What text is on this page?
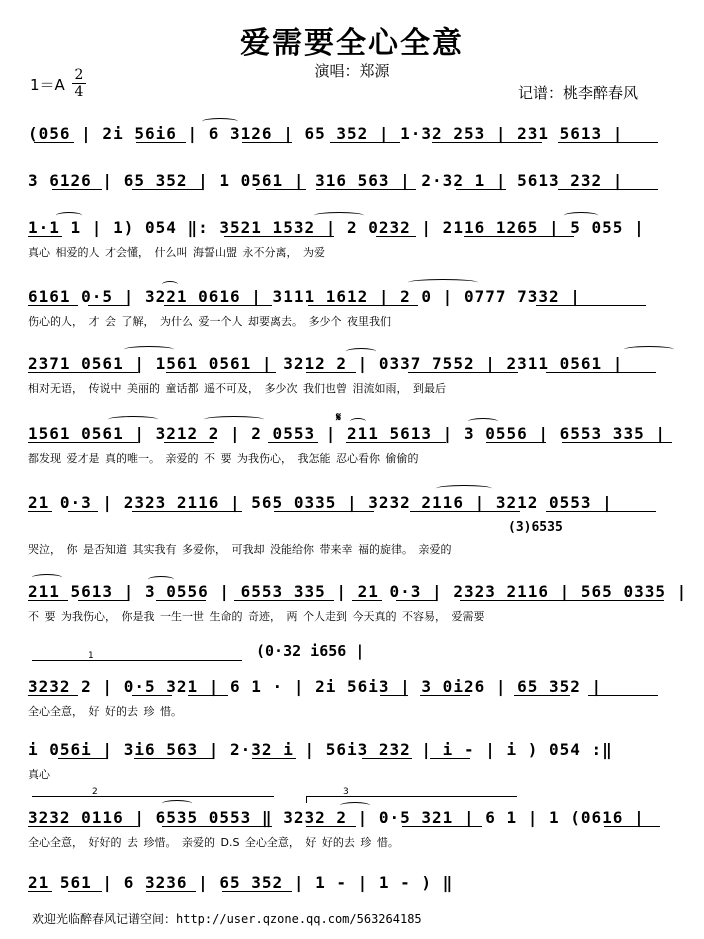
爱需要全心全意
演唱：郑源
1＝A
2
4	记谱：桃李醉春风
(056 | 2i 56i6 | 6 3126 | 65 352 | 1·32 253 | 231 5613 |
3 6126 | 65 352 | 1 0561 | 316 563 | 2·32 1 | 5613 232 |
1·1 1 | 1) 054 ‖: 3521 1532 | 2 0232 | 2116 1265 | 5 055 |
真心 相爱的人 才会懂， 什么叫 海誓山盟 永不分离， 为爱
6161 0·5 | 3221 0616 | 3111 1612 | 2 0 | 0777 7332 |
伤心的人， 才 会 了解， 为什么 爱一个人 却要离去。 多少个 夜里我们
2371 0561 | 1561 0561 | 3212 2 | 0337 7552 | 2311 0561 |
相对无语， 传说中 美丽的 童话都 遥不可及， 多少次 我们也曾 泪流如雨， 到最后
1561 0561 | 3212 2 | 2 0553 | 211 5613 | 3 0556 | 6553 335 |
都发现 爱才是 真的唯一。 亲爱的 不 要 为我伤心， 我怎能 忍心看你 偷偷的
𝄋
21 0·3 | 2323 2116 | 565 0335 | 3232 2116 | 3212 0553 |
哭泣， 你 是否知道 其实我有 多爱你， 可我却 没能给你 带来幸 福的旋律。 亲爱的
(3)6535
211 5613 | 3 0556 | 6553 335 | 21 0·3 | 2323 2116 | 565 0335 |
不 要 为我伤心， 你是我 一生一世 生命的 奇迹， 两 个人走到 今天真的 不容易， 爱需要
1	(0·32 i656 |
3232 2 | 0·5 321 | 6 1 · | 2i 56i3 | 3 0i26 | 65 352 |
全心全意， 好 好的去 珍 惜。
i 056i | 3i6 563 | 2·32 i | 56i3 232 | i - | i ) 054 :‖
真心
2	3
3232 0116 | 6535 0553 ‖ 3232 2 | 0·5 321 | 6 1 | 1 (0616 |
全心全意， 好好的 去 珍惜。 亲爱的 D.S 全心全意， 好 好的去 珍 惜。
21 561 | 6 3236 | 65 352 | 1 - | 1 - ) ‖
欢迎光临醉春风记谱空间：http://user.qzone.qq.com/563264185
